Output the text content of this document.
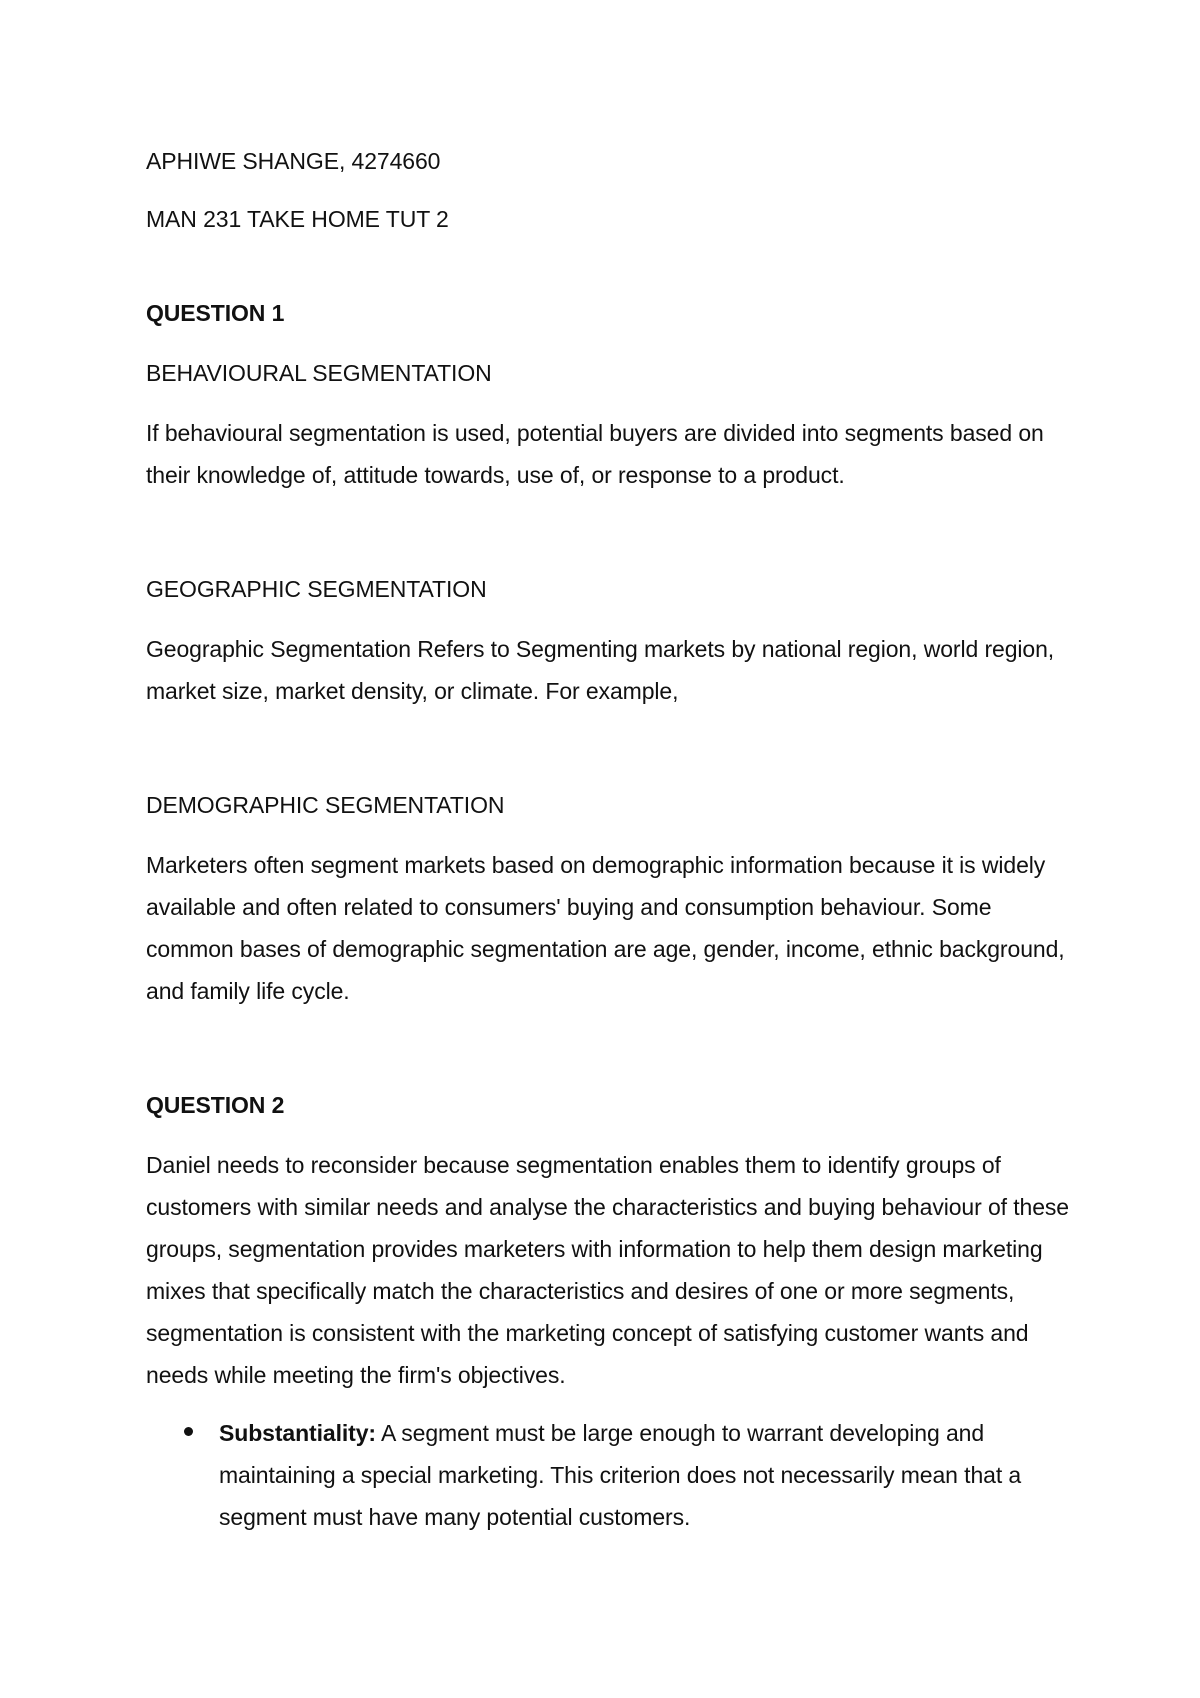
APHIWE SHANGE, 4274660

MAN 231 TAKE HOME TUT 2

QUESTION 1

BEHAVIOURAL SEGMENTATION

If behavioural segmentation is used, potential buyers are divided into segments based on their knowledge of, attitude towards, use of, or response to a product.

GEOGRAPHIC SEGMENTATION

Geographic Segmentation Refers to Segmenting markets by national region, world region, market size, market density, or climate. For example,

DEMOGRAPHIC SEGMENTATION

Marketers often segment markets based on demographic information because it is widely available and often related to consumers' buying and consumption behaviour. Some common bases of demographic segmentation are age, gender, income, ethnic background, and family life cycle.

QUESTION 2

Daniel needs to reconsider because segmentation enables them to identify groups of customers with similar needs and analyse the characteristics and buying behaviour of these groups, segmentation provides marketers with information to help them design marketing mixes that specifically match the characteristics and desires of one or more segments, segmentation is consistent with the marketing concept of satisfying customer wants and needs while meeting the firm's objectives.

Substantiality: A segment must be large enough to warrant developing and maintaining a special marketing. This criterion does not necessarily mean that a segment must have many potential customers.
